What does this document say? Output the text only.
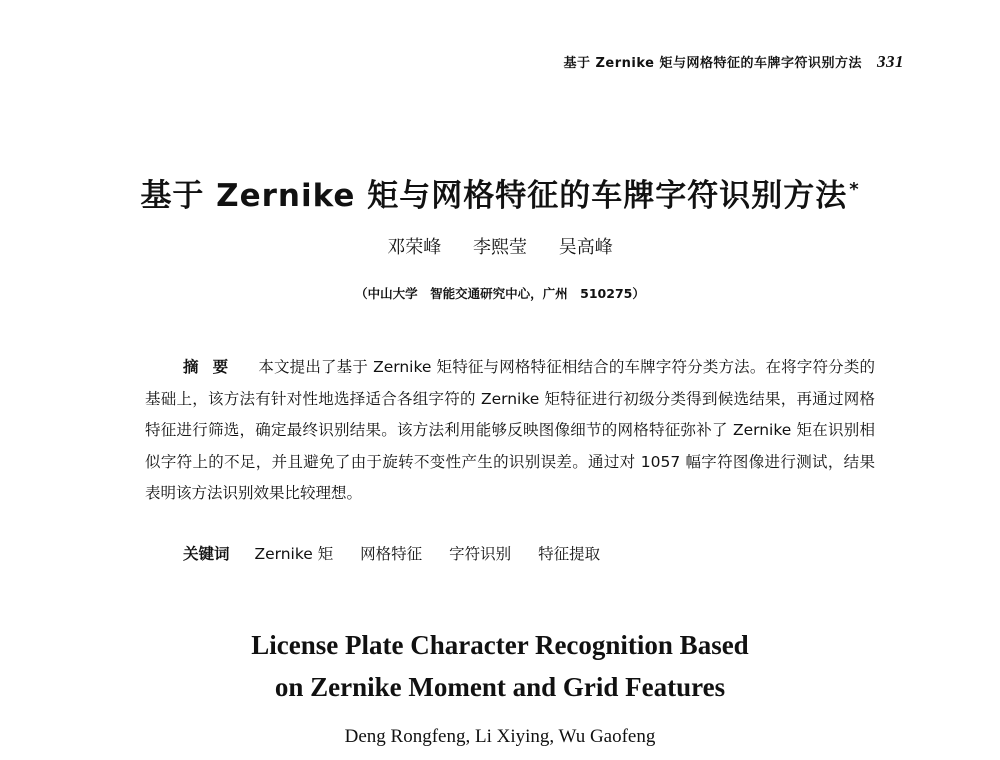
基于 Zernike 矩与网格特征的车牌字符识别方法 331
基于 Zernike 矩与网格特征的车牌字符识别方法 *
邓荣峰　 李熙莹　 吴高峰
（中山大学　智能交通研究中心，广州　510275）
摘要 本文提出了基于 Zernike 矩特征与网格特征相结合的车牌字符分类方法。在将字符分类的基础上，该方法有针对性地选择适合各组字符的 Zernike 矩特征进行初级分类得到候选结果，再通过网格特征进行筛选，确定最终识别结果。该方法利用能够反映图像细节的网格特征弥补了 Zernike 矩在识别相似字符上的不足，并且避免了由于旋转不变性产生的识别误差。通过对 1057 幅字符图像进行测试，结果表明该方法识别效果比较理想。
关键词 Zernike 矩 网格特征 字符识别 特征提取
License Plate Character Recognition Based
on Zernike Moment and Grid Features
Deng Rongfeng, Li Xiying, Wu Gaofeng
